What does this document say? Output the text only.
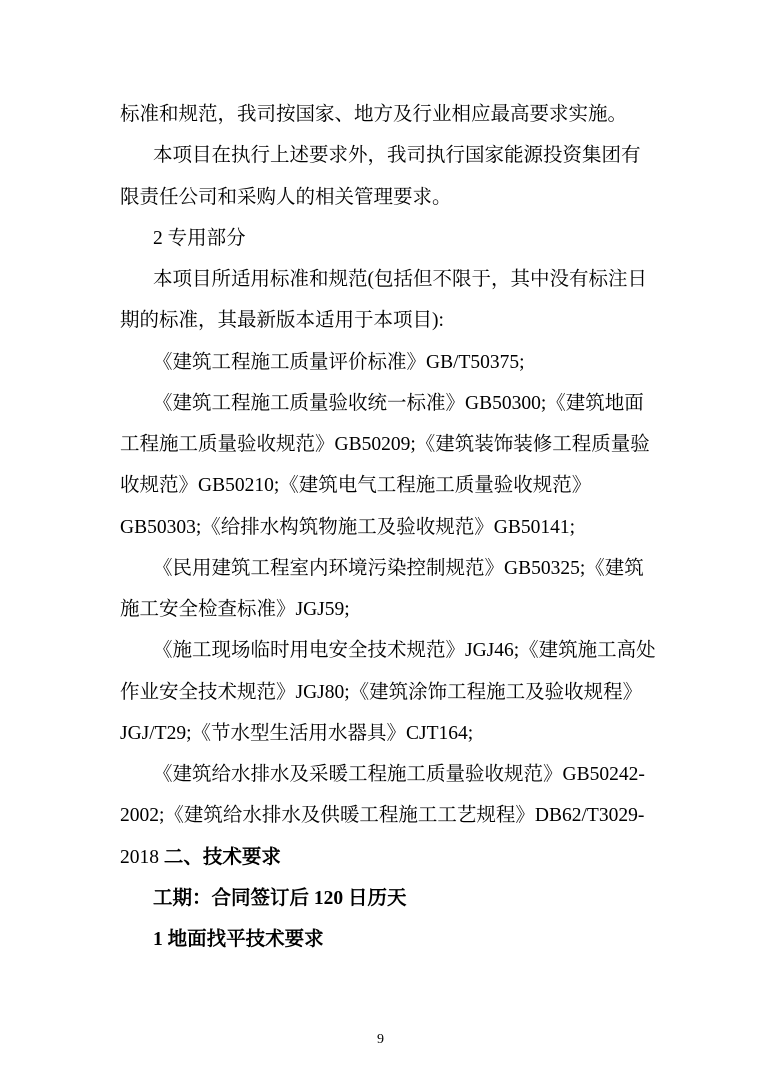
标准和规范，我司按国家、地方及行业相应最高要求实施。
本项目在执行上述要求外，我司执行国家能源投资集团有
限责任公司和采购人的相关管理要求。
2 专用部分
本项目所适用标准和规范(包括但不限于，其中没有标注日
期的标准，其最新版本适用于本项目):
《建筑工程施工质量评价标准》GB/T50375;
《建筑工程施工质量验收统一标准》GB50300;《建筑地面
工程施工质量验收规范》GB50209;《建筑装饰装修工程质量验
收规范》GB50210;《建筑电气工程施工质量验收规范》
GB50303;《给排水构筑物施工及验收规范》GB50141;
《民用建筑工程室内环境污染控制规范》GB50325;《建筑
施工安全检查标准》JGJ59;
《施工现场临时用电安全技术规范》JGJ46;《建筑施工高处
作业安全技术规范》JGJ80;《建筑涂饰工程施工及验收规程》
JGJ/T29;《节水型生活用水器具》CJT164;
《建筑给水排水及采暖工程施工质量验收规范》GB50242-
2002;《建筑给水排水及供暖工程施工工艺规程》DB62/T3029-
2018 二、技术要求
工期：合同签订后 120 日历天
1 地面找平技术要求
9
